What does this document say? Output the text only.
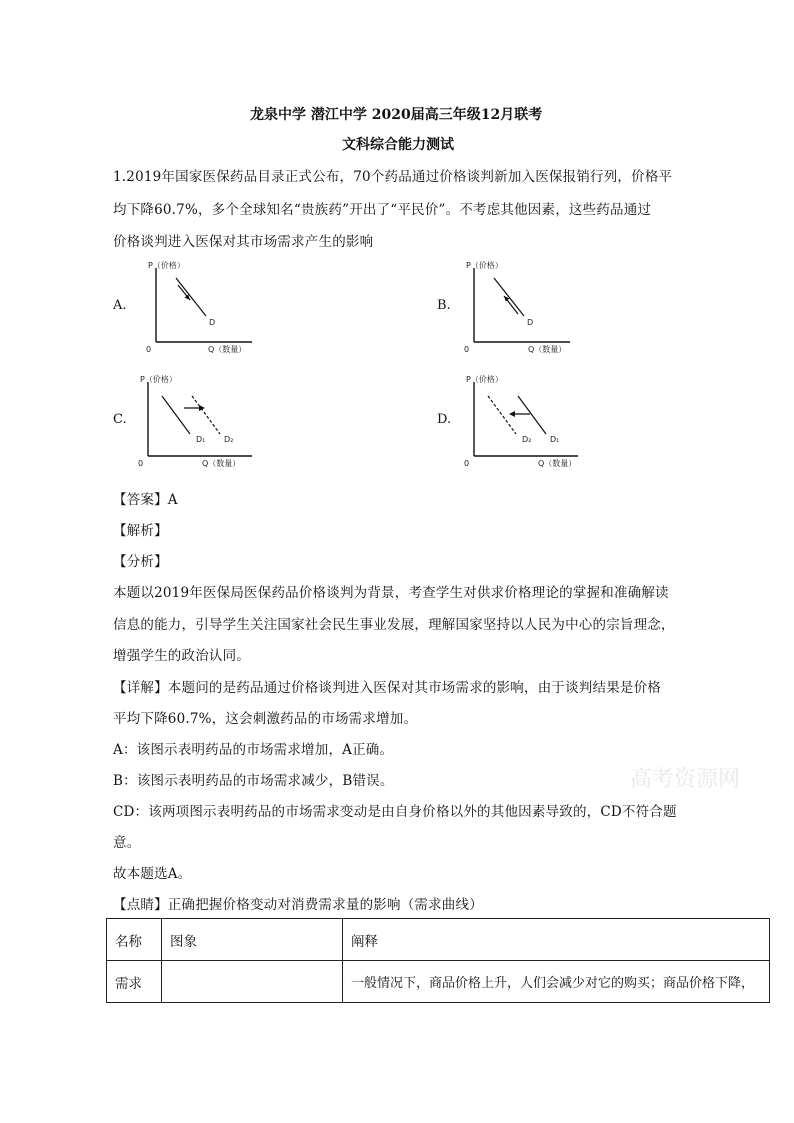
龙泉中学 潜江中学 2020届高三年级12月联考
文科综合能力测试
1.2019年国家医保药品目录正式公布，70个药品通过价格谈判新加入医保报销行列，价格平
均下降60.7%，多个全球知名“贵族药”开出了“平民价”。不考虑其他因素，这些药品通过
价格谈判进入医保对其市场需求产生的影响
A.	B.
C.	D.
P（价格）
0	Q（数量）
D
P（价格）
0	Q（数量）
D
P（价格）
0	Q（数量）
D₁ D₂
P（价格）
0	Q（数量）
D₂ D₁
【答案】A
【解析】
【分析】
本题以2019年医保局医保药品价格谈判为背景，考查学生对供求价格理论的掌握和准确解读
信息的能力，引导学生关注国家社会民生事业发展，理解国家坚持以人民为中心的宗旨理念，
增强学生的政治认同。
【详解】本题问的是药品通过价格谈判进入医保对其市场需求的影响，由于谈判结果是价格
平均下降60.7%，这会刺激药品的市场需求增加。
A：该图示表明药品的市场需求增加，A正确。
B：该图示表明药品的市场需求减少，B错误。
CD：该两项图示表明药品的市场需求变动是由自身价格以外的其他因素导致的，CD不符合题
意。
故本题选A。
【点睛】正确把握价格变动对消费需求量的影响（需求曲线）
高考资源网
名称	图象	阐释
需求		一般情况下，商品价格上升，人们会减少对它的购买；商品价格下降，
